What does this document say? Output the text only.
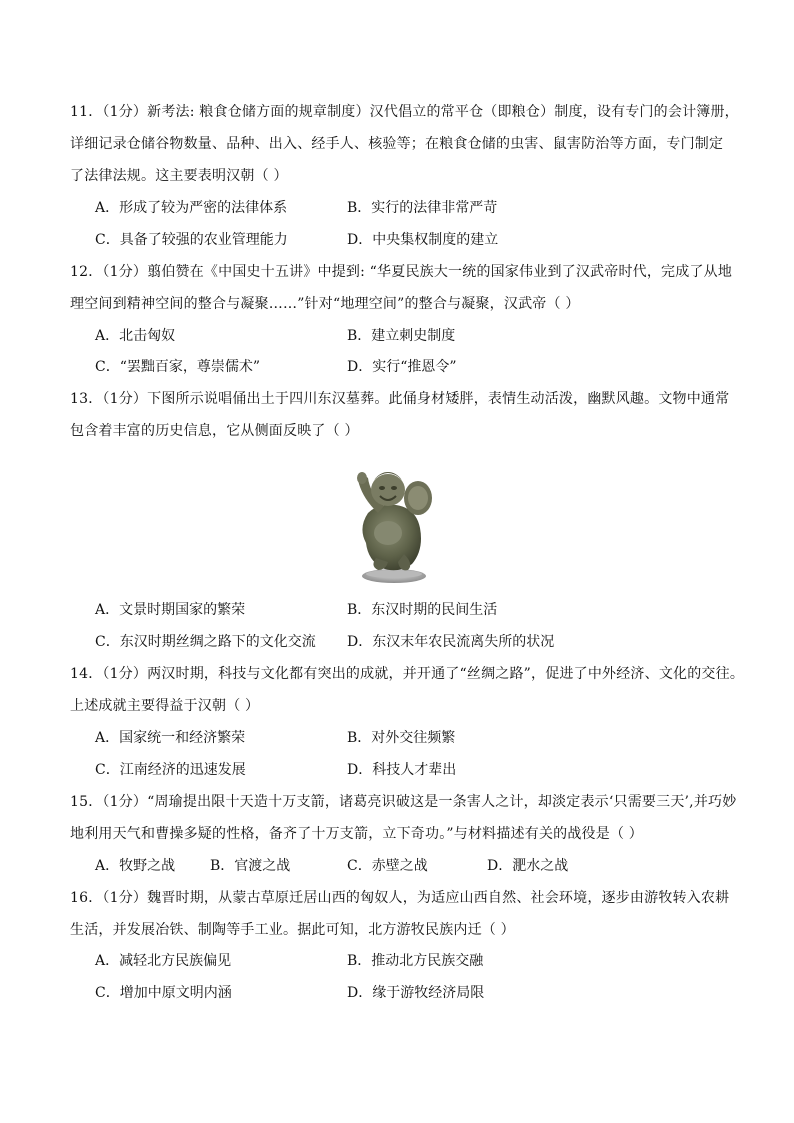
11．（1分）新考法: 粮食仓储方面的规章制度）汉代倡立的常平仓（即粮仓）制度，设有专门的会计簿册，
详细记录仓储谷物数量、品种、出入、经手人、核验等；在粮食仓储的虫害、鼠害防治等方面，专门制定
了法律法规。这主要表明汉朝（ ）
A．形成了较为严密的法律体系	B．实行的法律非常严苛
C．具备了较强的农业管理能力	D．中央集权制度的建立
12．（1分）翦伯赞在《中国史十五讲》中提到: “华夏民族大一统的国家伟业到了汉武帝时代，完成了从地
理空间到精神空间的整合与凝聚……”针对“地理空间”的整合与凝聚，汉武帝（ ）
A．北击匈奴	B．建立刺史制度
C．“罢黜百家，尊崇儒术”	D．实行“推恩令”
13．（1分）下图所示说唱俑出土于四川东汉墓葬。此俑身材矮胖，表情生动活泼，幽默风趣。文物中通常
包含着丰富的历史信息，它从侧面反映了（ ）
A．文景时期国家的繁荣	B．东汉时期的民间生活
C．东汉时期丝绸之路下的文化交流 D．东汉末年农民流离失所的状况
14．（1分）两汉时期，科技与文化都有突出的成就，并开通了“丝绸之路”，促进了中外经济、文化的交往。
上述成就主要得益于汉朝（ ）
A．国家统一和经济繁荣	B．对外交往频繁
C．江南经济的迅速发展	D．科技人才辈出
15．（1分）“周瑜提出限十天造十万支箭，诸葛亮识破这是一条害人之计，却淡定表示‘只需要三天’,并巧妙
地利用天气和曹操多疑的性格，备齐了十万支箭，立下奇功。”与材料描述有关的战役是（ ）
A．牧野之战 B．官渡之战	C．赤壁之战	D．淝水之战
16．（1分）魏晋时期，从蒙古草原迁居山西的匈奴人，为适应山西自然、社会环境，逐步由游牧转入农耕
生活，并发展冶铁、制陶等手工业。据此可知，北方游牧民族内迁（ ）
A．减轻北方民族偏见	B．推动北方民族交融
C．增加中原文明内涵	D．缘于游牧经济局限
